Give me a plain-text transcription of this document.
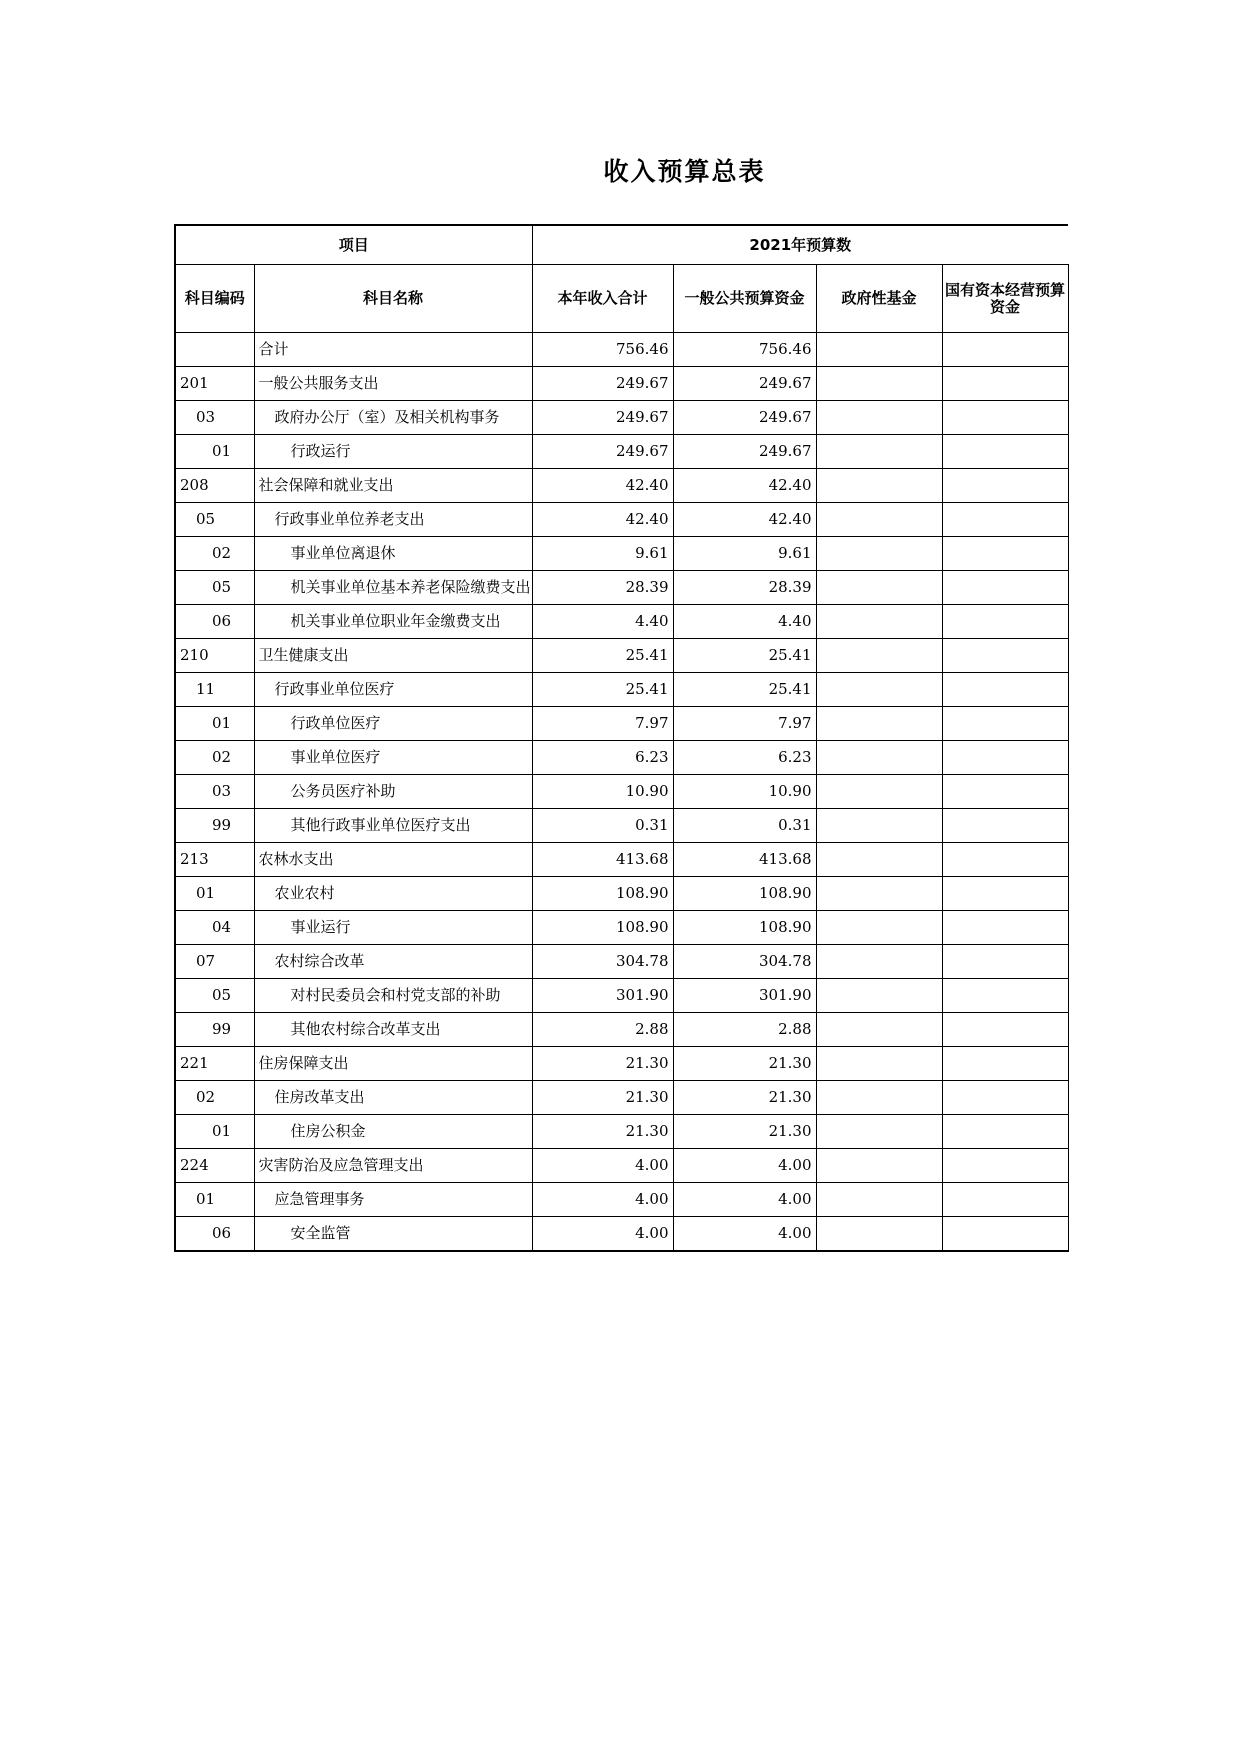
收入预算总表
项目		2021年预算数			
科目编码	科目名称	本年收入合计	一般公共预算资金	政府性基金	国有资本经营预算资金
	合计	756.46	756.46		
201	一般公共服务支出	249.67	249.67		
03	政府办公厅（室）及相关机构事务	249.67	249.67		
01	行政运行	249.67	249.67		
208	社会保障和就业支出	42.40	42.40		
05	行政事业单位养老支出	42.40	42.40		
02	事业单位离退休	9.61	9.61		
05	机关事业单位基本养老保险缴费支出	28.39	28.39		
06	机关事业单位职业年金缴费支出	4.40	4.40		
210	卫生健康支出	25.41	25.41		
11	行政事业单位医疗	25.41	25.41		
01	行政单位医疗	7.97	7.97		
02	事业单位医疗	6.23	6.23		
03	公务员医疗补助	10.90	10.90		
99	其他行政事业单位医疗支出	0.31	0.31		
213	农林水支出	413.68	413.68		
01	农业农村	108.90	108.90		
04	事业运行	108.90	108.90		
07	农村综合改革	304.78	304.78		
05	对村民委员会和村党支部的补助	301.90	301.90		
99	其他农村综合改革支出	2.88	2.88		
221	住房保障支出	21.30	21.30		
02	住房改革支出	21.30	21.30		
01	住房公积金	21.30	21.30		
224	灾害防治及应急管理支出	4.00	4.00		
01	应急管理事务	4.00	4.00		
06	安全监管	4.00	4.00		
